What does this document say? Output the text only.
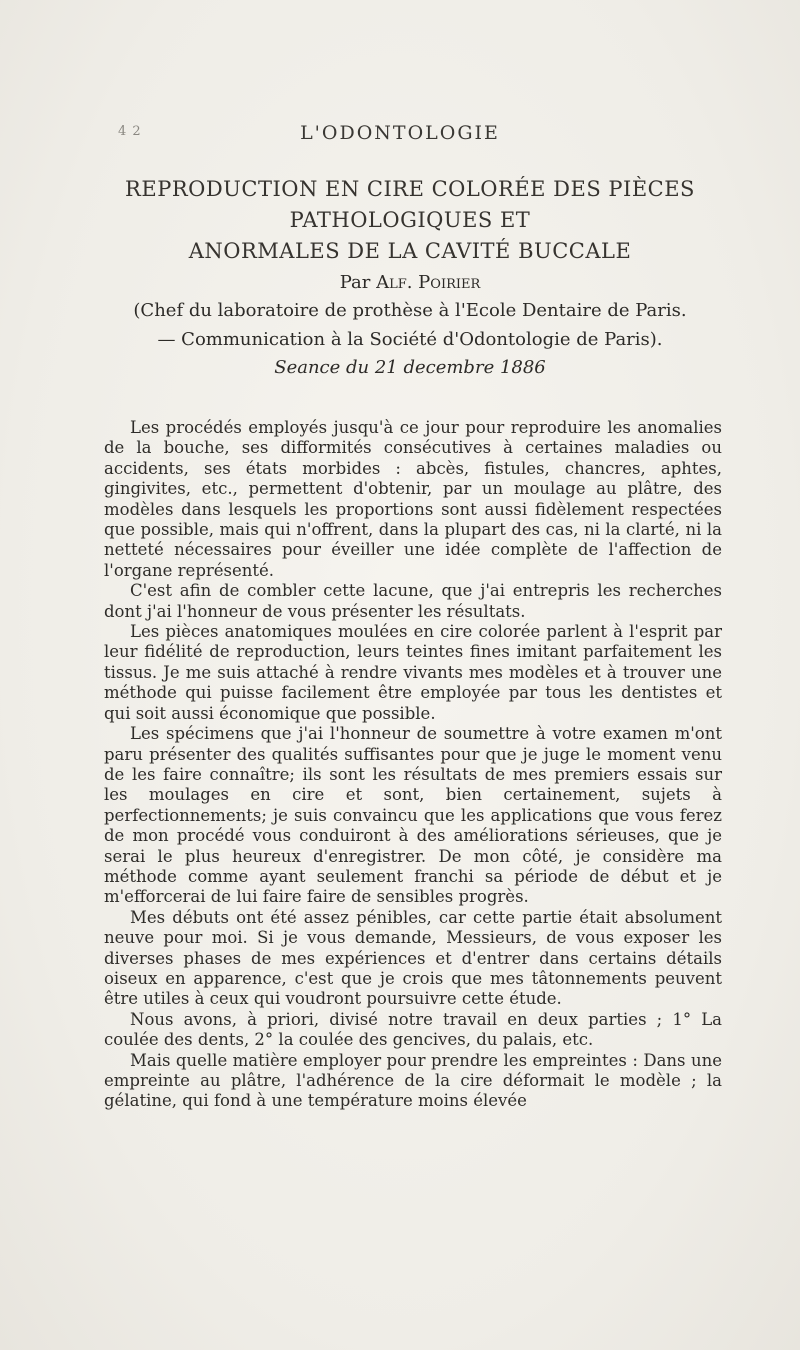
4 2	L'ODONTOLOGIE
REPRODUCTION EN CIRE COLORÉE DES PIÈCES
PATHOLOGIQUES ET
ANORMALES DE LA CAVITÉ BUCCALE
Par Alf. Poirier
(Chef du laboratoire de prothèse à l'Ecole Dentaire de Paris.
— Communication à la Société d'Odontologie de Paris).
Seance du 21 decembre 1886

Les procédés employés jusqu'à ce jour pour reproduire les anomalies de la bouche, ses difformités consécutives à certaines maladies ou accidents, ses états morbides : abcès, fistules, chancres, aphtes, gingivites, etc., permettent d'obtenir, par un moulage au plâtre, des modèles dans lesquels les proportions sont aussi fidèlement respectées que possible, mais qui n'offrent, dans la plupart des cas, ni la clarté, ni la netteté nécessaires pour éveiller une idée complète de l'affection de l'organe représenté.

C'est afin de combler cette lacune, que j'ai entrepris les recherches dont j'ai l'honneur de vous présenter les résultats.

Les pièces anatomiques moulées en cire colorée parlent à l'esprit par leur fidélité de reproduction, leurs teintes fines imitant parfaitement les tissus. Je me suis attaché à rendre vivants mes modèles et à trouver une méthode qui puisse facilement être employée par tous les dentistes et qui soit aussi économique que possible.

Les spécimens que j'ai l'honneur de soumettre à votre examen m'ont paru présenter des qualités suffisantes pour que je juge le moment venu de les faire connaître; ils sont les résultats de mes premiers essais sur les moulages en cire et sont, bien certainement, sujets à perfectionnements; je suis convaincu que les applications que vous ferez de mon procédé vous conduiront à des améliorations sérieuses, que je serai le plus heureux d'enregistrer. De mon côté, je considère ma méthode comme ayant seulement franchi sa période de début et je m'efforcerai de lui faire faire de sensibles progrès.

Mes débuts ont été assez pénibles, car cette partie était absolument neuve pour moi. Si je vous demande, Messieurs, de vous exposer les diverses phases de mes expériences et d'entrer dans certains détails oiseux en apparence, c'est que je crois que mes tâtonnements peuvent être utiles à ceux qui voudront poursuivre cette étude.

Nous avons, à priori, divisé notre travail en deux parties ; 1° La coulée des dents, 2° la coulée des gencives, du palais, etc.

Mais quelle matière employer pour prendre les empreintes : Dans une empreinte au plâtre, l'adhérence de la cire déformait le modèle ; la gélatine, qui fond à une température moins élevée
